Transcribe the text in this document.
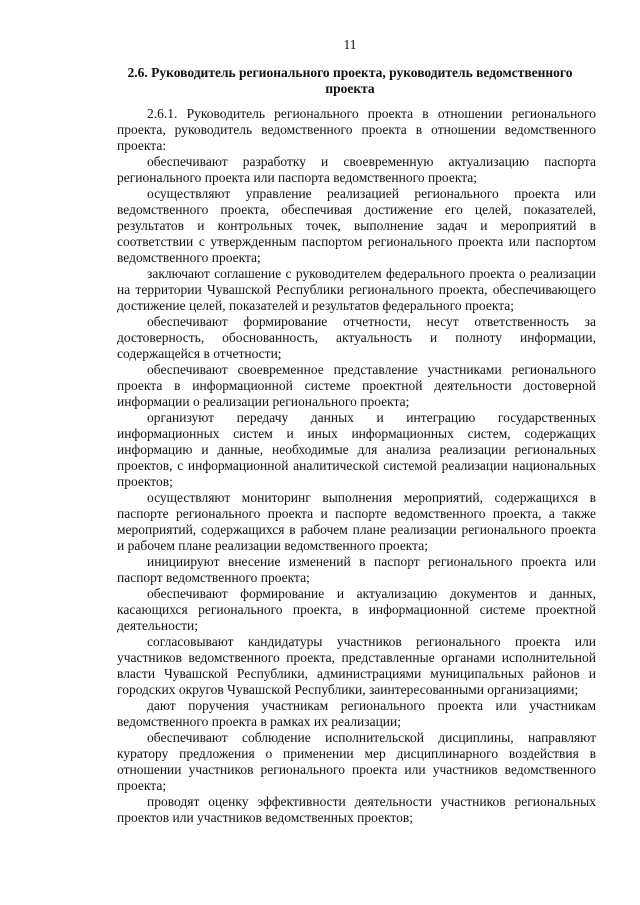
11
2.6. Руководитель регионального проекта, руководитель ведомственного проекта

2.6.1. Руководитель регионального проекта в отношении регионального проекта, руководитель ведомственного проекта в отношении ведомственного проекта:

обеспечивают разработку и своевременную актуализацию паспорта регионального проекта или паспорта ведомственного проекта;

осуществляют управление реализацией регионального проекта или ведомственного проекта, обеспечивая достижение его целей, показателей, результатов и контрольных точек, выполнение задач и мероприятий в соответствии с утвержденным паспортом регионального проекта или паспортом ведомственного проекта;

заключают соглашение с руководителем федерального проекта о реализации на территории Чувашской Республики регионального проекта, обеспечивающего достижение целей, показателей и результатов федерального проекта;

обеспечивают формирование отчетности, несут ответственность за достоверность, обоснованность, актуальность и полноту информации, содержащейся в отчетности;

обеспечивают своевременное представление участниками регионального проекта в информационной системе проектной деятельности достоверной информации о реализации регионального проекта;

организуют передачу данных и интеграцию государственных информационных систем и иных информационных систем, содержащих информацию и данные, необходимые для анализа реализации региональных проектов, с информационной аналитической системой реализации национальных проектов;

осуществляют мониторинг выполнения мероприятий, содержащихся в паспорте регионального проекта и паспорте ведомственного проекта, а также мероприятий, содержащихся в рабочем плане реализации регионального проекта и рабочем плане реализации ведомственного проекта;

инициируют внесение изменений в паспорт регионального проекта или паспорт ведомственного проекта;

обеспечивают формирование и актуализацию документов и данных, касающихся регионального проекта, в информационной системе проектной деятельности;

согласовывают кандидатуры участников регионального проекта или участников ведомственного проекта, представленные органами исполнительной власти Чувашской Республики, администрациями муниципальных районов и городских округов Чувашской Республики, заинтересованными организациями;

дают поручения участникам регионального проекта или участникам ведомственного проекта в рамках их реализации;

обеспечивают соблюдение исполнительской дисциплины, направляют куратору предложения о применении мер дисциплинарного воздействия в отношении участников регионального проекта или участников ведомственного проекта;

проводят оценку эффективности деятельности участников региональных проектов или участников ведомственных проектов;
